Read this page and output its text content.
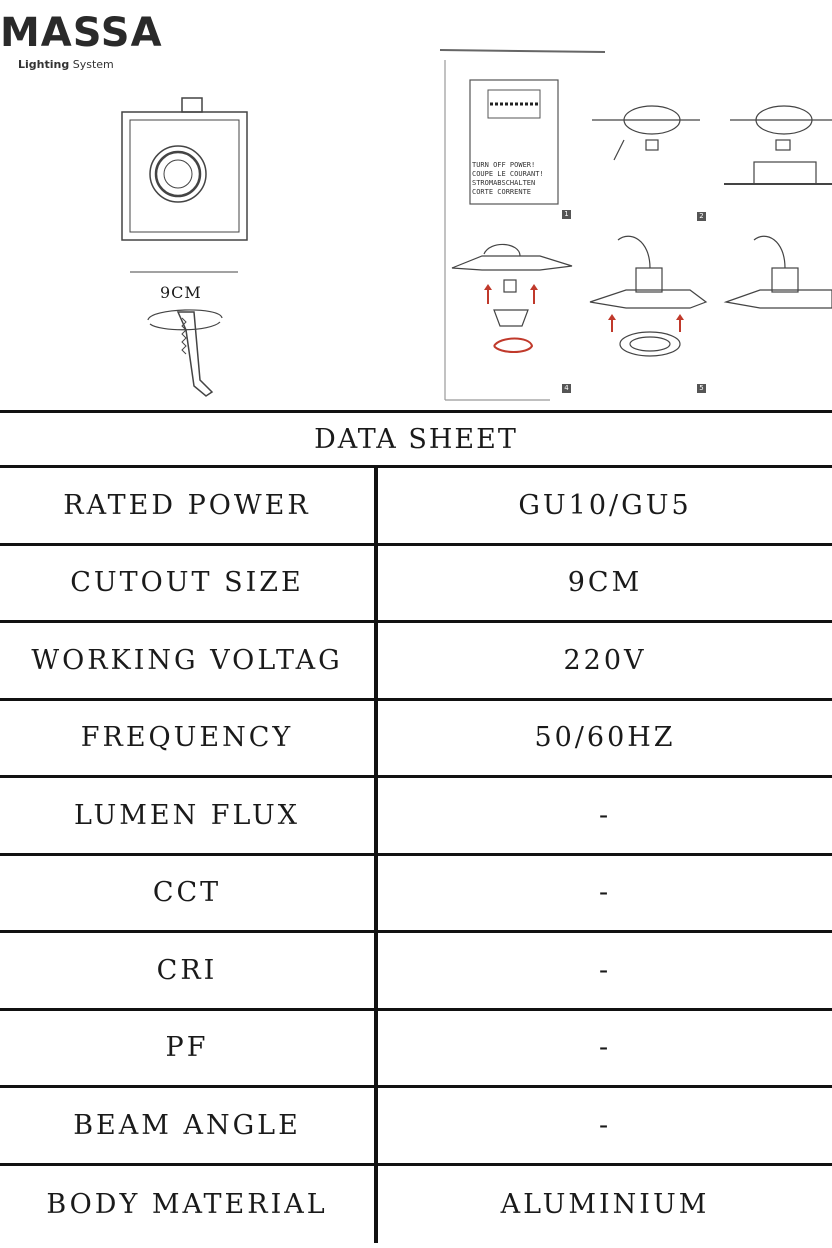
MASSA
Lighting System
9CM
TURN OFF POWER!
COUPE LE COURANT!
STROMABSCHALTEN
CORTE CORRENTE
1	2
4	5
DATA SHEET
RATED POWER	GU10/GU5
CUTOUT SIZE	9CM
WORKING VOLTAG	220V
FREQUENCY	50/60HZ
LUMEN FLUX	-
CCT	-
CRI	-
PF	-
BEAM ANGLE	-
BODY MATERIAL	ALUMINIUM
